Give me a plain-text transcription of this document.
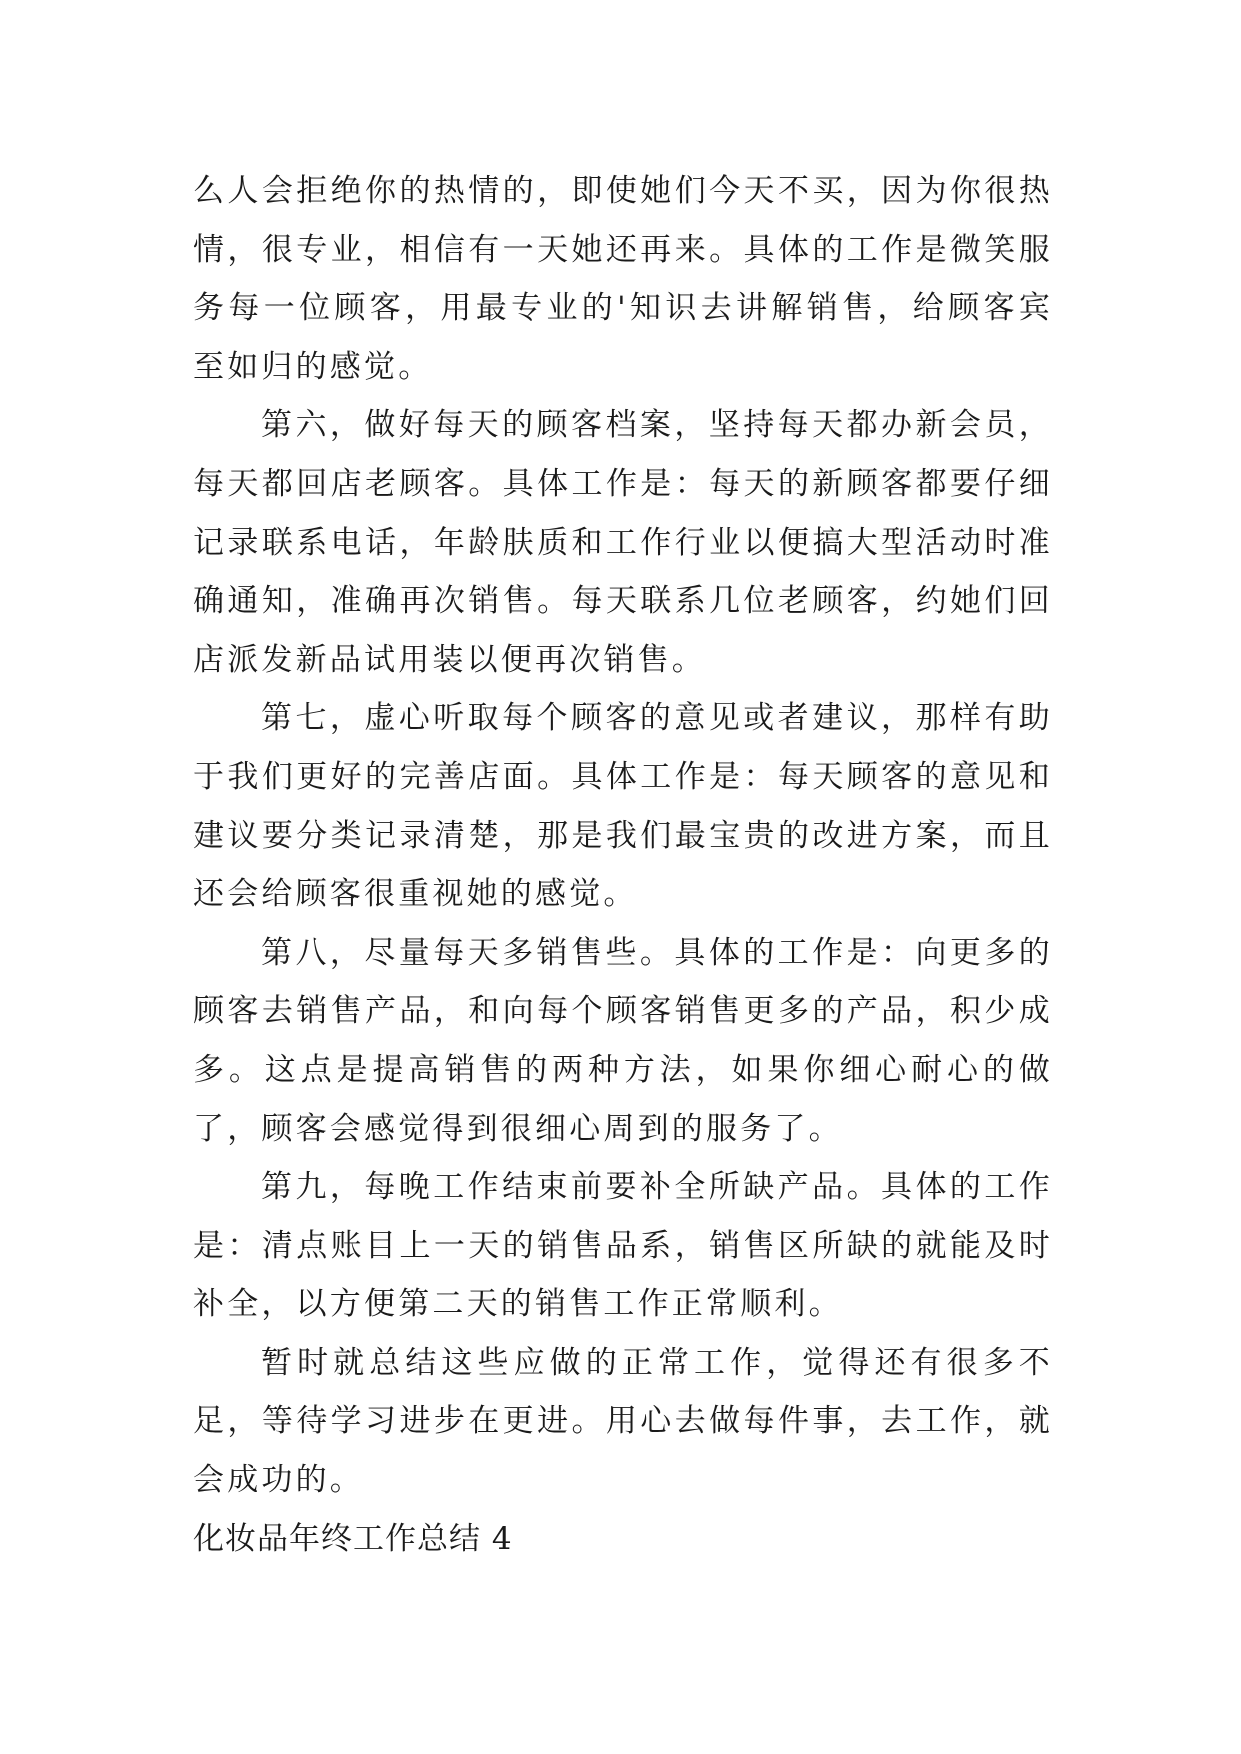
么人会拒绝你的热情的，即使她们今天不买，因为你很热情，很专业，相信有一天她还再来。具体的工作是微笑服务每一位顾客，用最专业的'知识去讲解销售，给顾客宾至如归的感觉。

第六，做好每天的顾客档案，坚持每天都办新会员，每天都回店老顾客。具体工作是：每天的新顾客都要仔细记录联系电话，年龄肤质和工作行业以便搞大型活动时准确通知，准确再次销售。每天联系几位老顾客，约她们回店派发新品试用装以便再次销售。

第七，虚心听取每个顾客的意见或者建议，那样有助于我们更好的完善店面。具体工作是：每天顾客的意见和建议要分类记录清楚，那是我们最宝贵的改进方案，而且还会给顾客很重视她的感觉。

第八，尽量每天多销售些。具体的工作是：向更多的顾客去销售产品，和向每个顾客销售更多的产品，积少成多。这点是提高销售的两种方法，如果你细心耐心的做了，顾客会感觉得到很细心周到的服务了。

第九，每晚工作结束前要补全所缺产品。具体的工作是：清点账目上一天的销售品系，销售区所缺的就能及时补全，以方便第二天的销售工作正常顺利。

暂时就总结这些应做的正常工作，觉得还有很多不足，等待学习进步在更进。用心去做每件事，去工作，就会成功的。

化妆品年终工作总结 4
